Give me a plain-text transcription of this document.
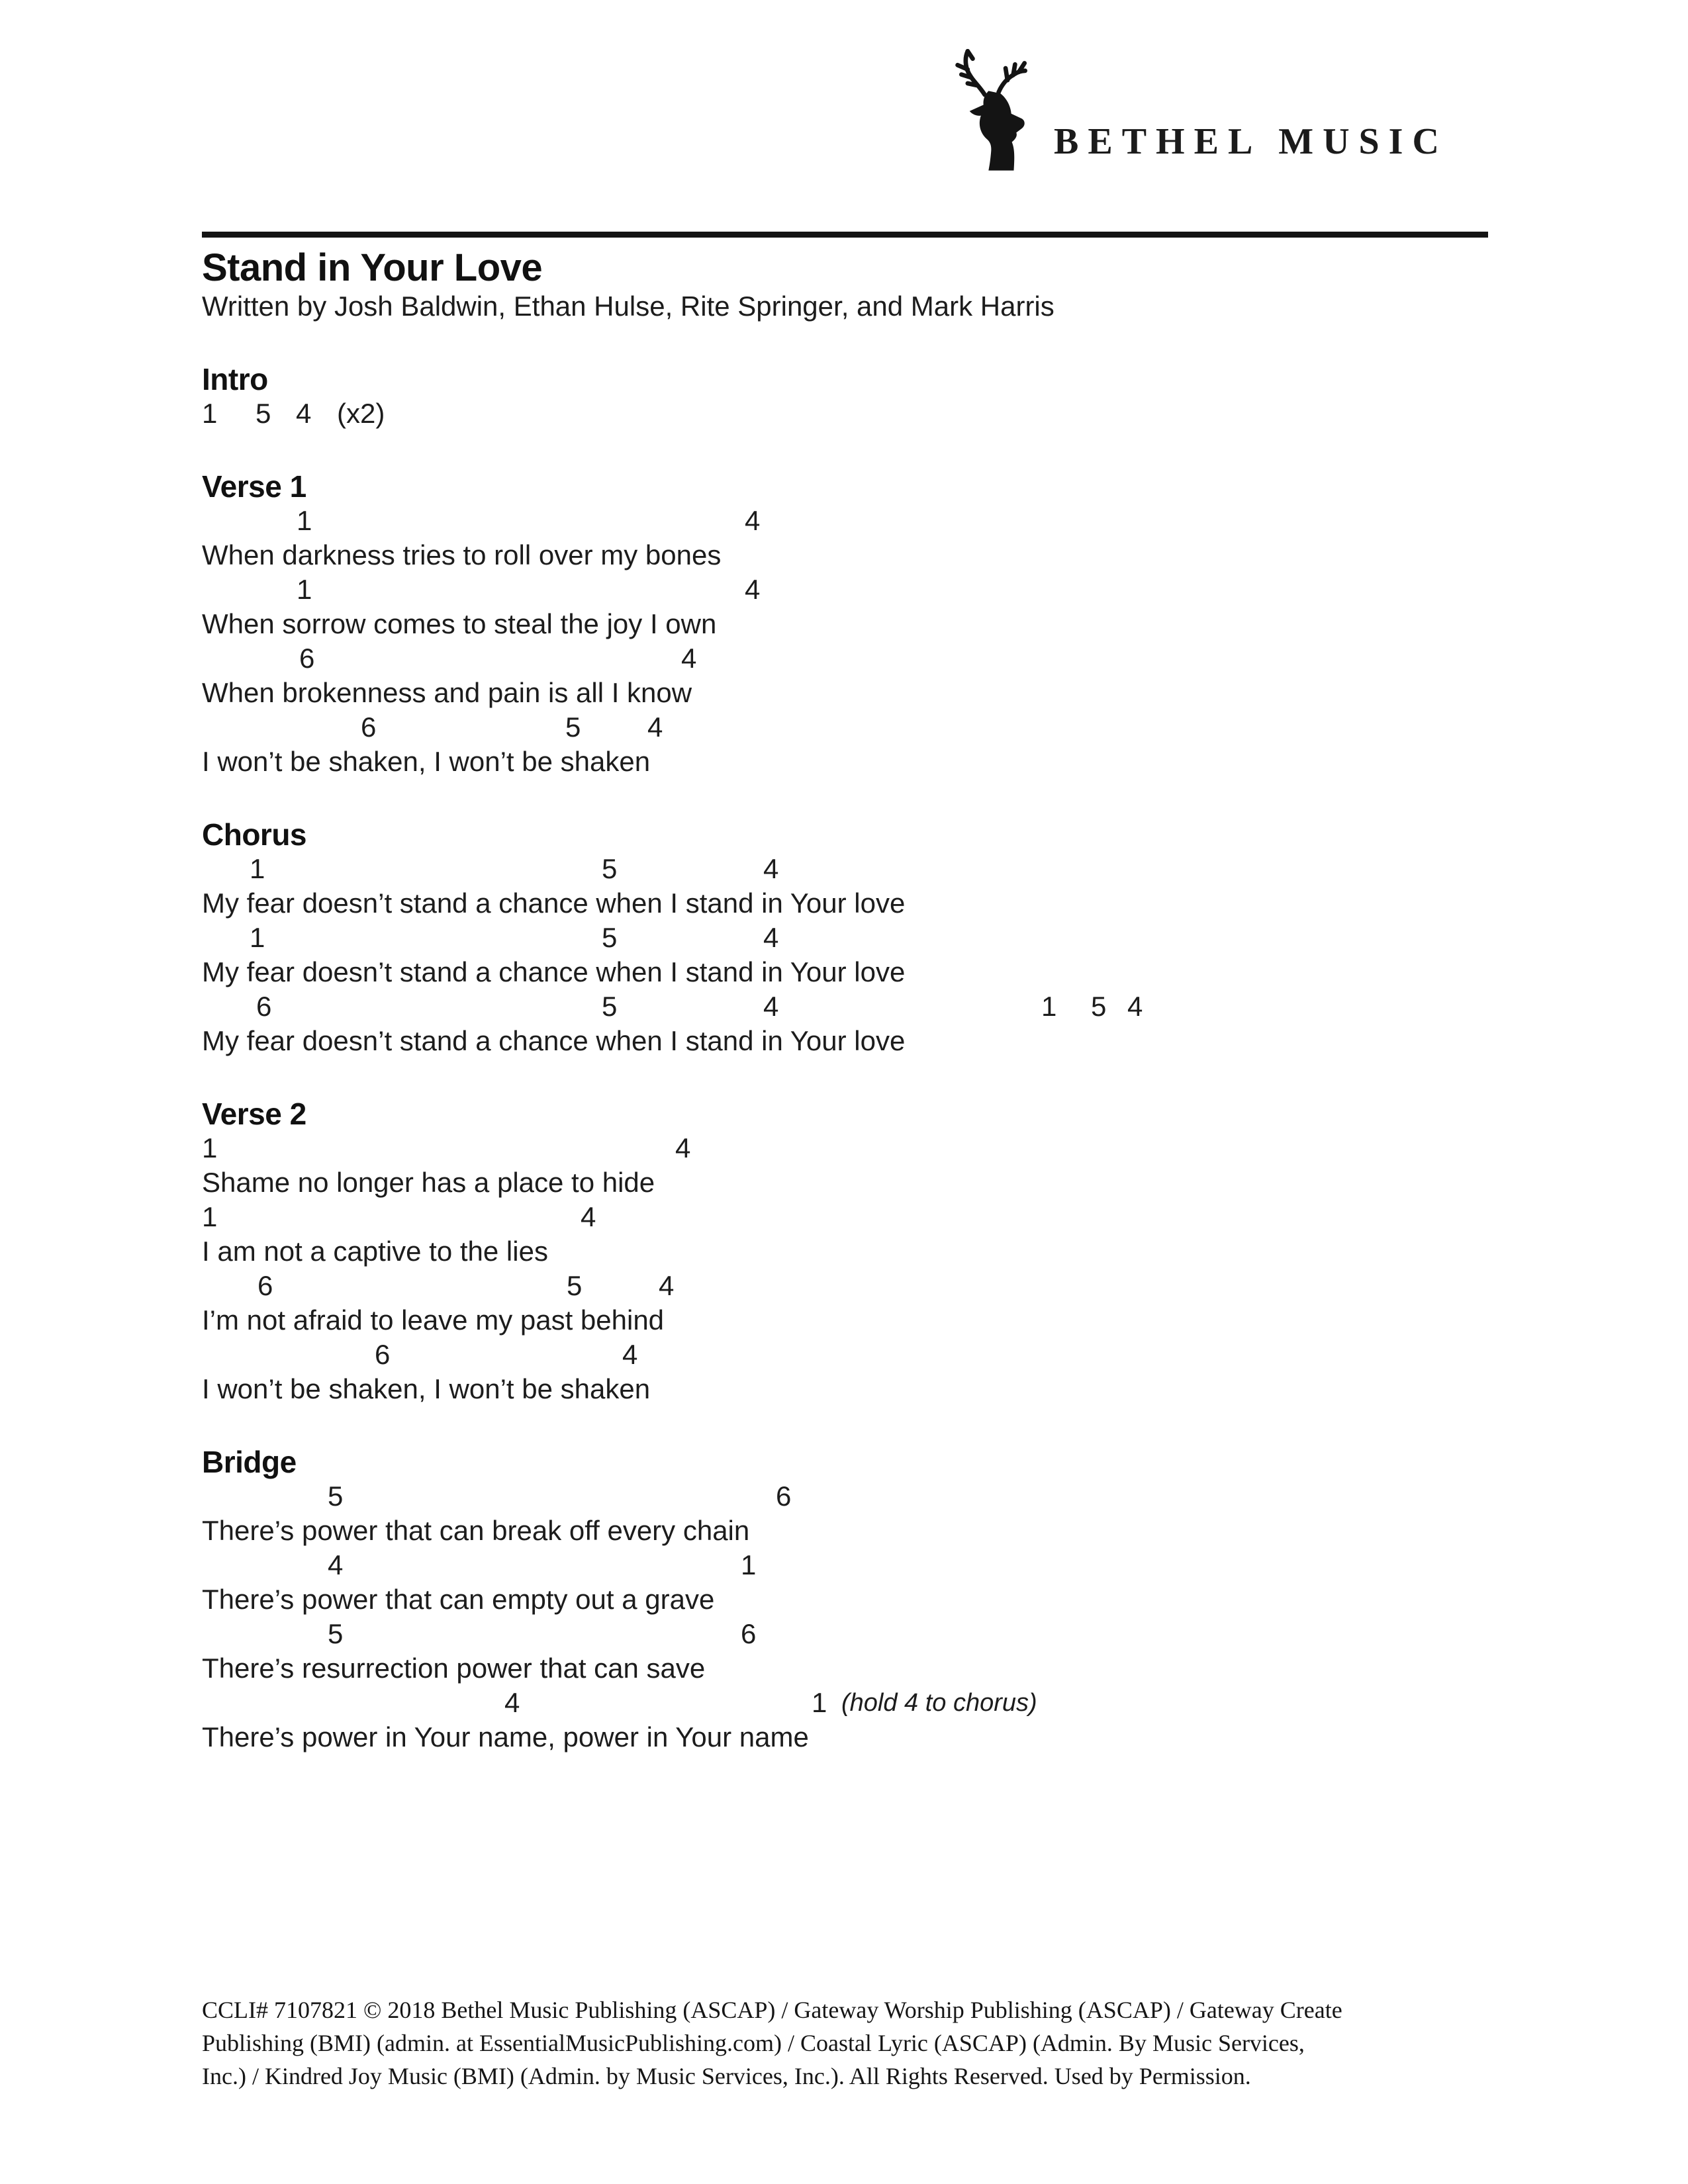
BETHEL MUSIC
Stand in Your Love
Written by Josh Baldwin, Ethan Hulse, Rite Springer, and Mark Harris
Intro
1 5 4 (x2)
Verse 1
1	4
When darkness tries to roll over my bones
1	4
When sorrow comes to steal the joy I own
6	4
When brokenness and pain is all I know
6	5 4
I won’t be shaken, I won’t be shaken
Chorus
1	5	4
My fear doesn’t stand a chance when I stand in Your love
1	5	4
My fear doesn’t stand a chance when I stand in Your love
6	5	4	1 5 4
My fear doesn’t stand a chance when I stand in Your love
Verse 2
1	4
Shame no longer has a place to hide
1	4
I am not a captive to the lies
6	5	4
I’m not afraid to leave my past behind
6	4
I won’t be shaken, I won’t be shaken
Bridge
5	6
There’s power that can break off every chain
4	1
There’s power that can empty out a grave
5	6
There’s resurrection power that can save
4	1 (hold 4 to chorus)
There’s power in Your name, power in Your name
CCLI# 7107821 © 2018 Bethel Music Publishing (ASCAP) / Gateway Worship Publishing (ASCAP) / Gateway Create
Publishing (BMI) (admin. at EssentialMusicPublishing.com) / Coastal Lyric (ASCAP) (Admin. By Music Services,
Inc.) / Kindred Joy Music (BMI) (Admin. by Music Services, Inc.). All Rights Reserved. Used by Permission.
